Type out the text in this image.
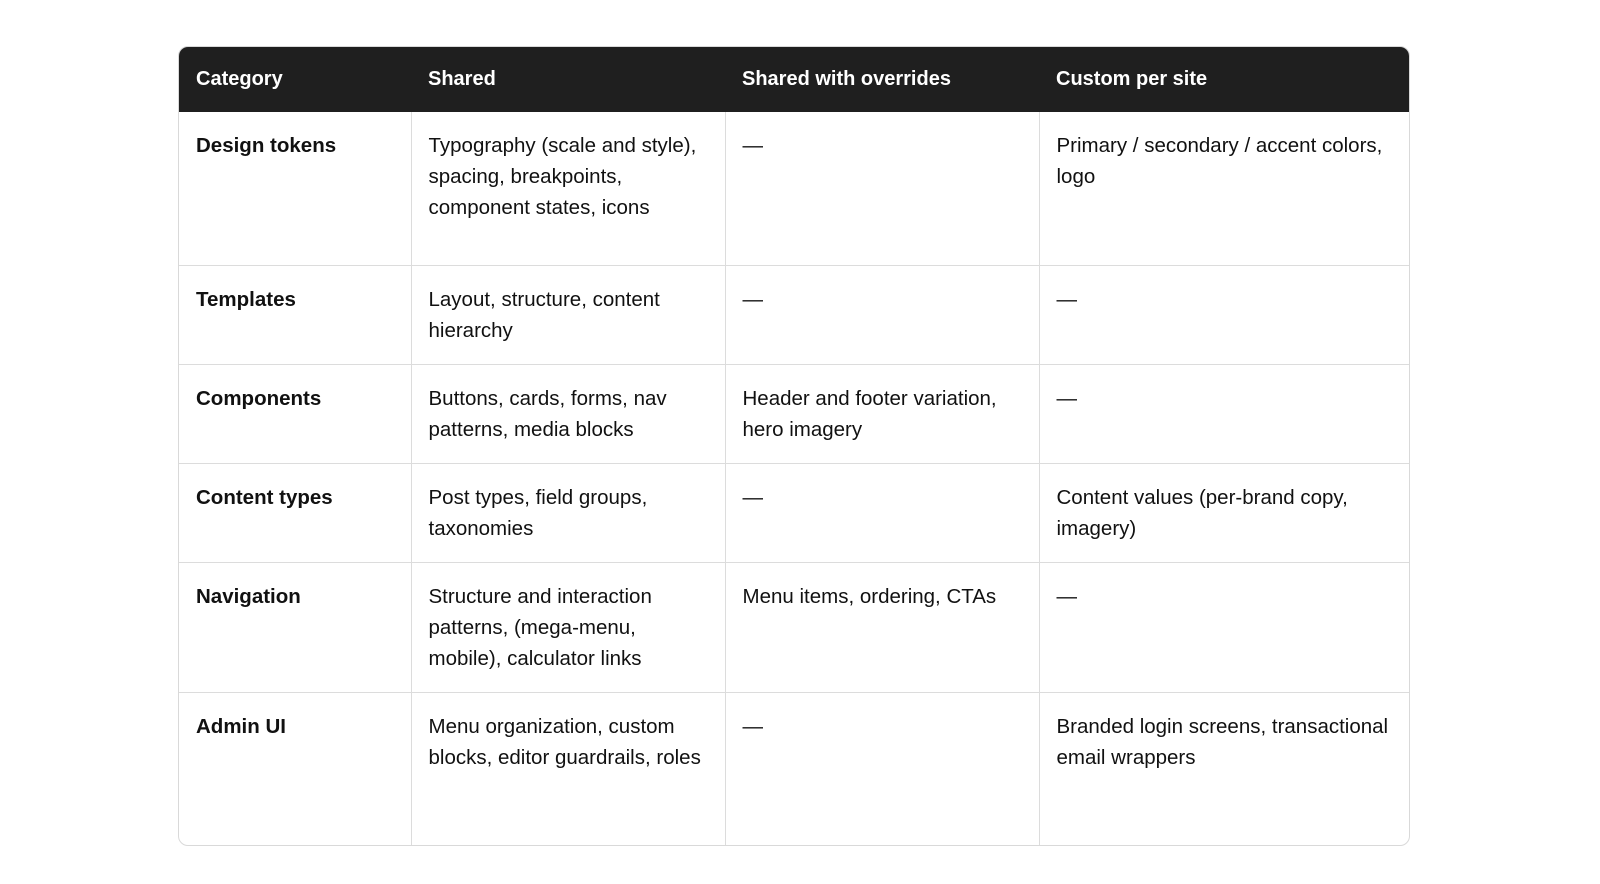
Category	Shared	Shared with overrides	Custom per site
Design tokens	Typography (scale and style), spacing, breakpoints, component states, icons	—	Primary / secondary / accent colors, logo
Templates	Layout, structure, content hierarchy	—	—
Components	Buttons, cards, forms, nav patterns, media blocks	Header and footer variation, hero imagery	—
Content types	Post types, field groups, taxonomies	—	Content values (per-brand copy, imagery)
Navigation	Structure and interaction patterns, (mega-menu, mobile), calculator links	Menu items, ordering, CTAs	—
Admin UI	Menu organization, custom blocks, editor guardrails, roles	—	Branded login screens, transactional email wrappers
